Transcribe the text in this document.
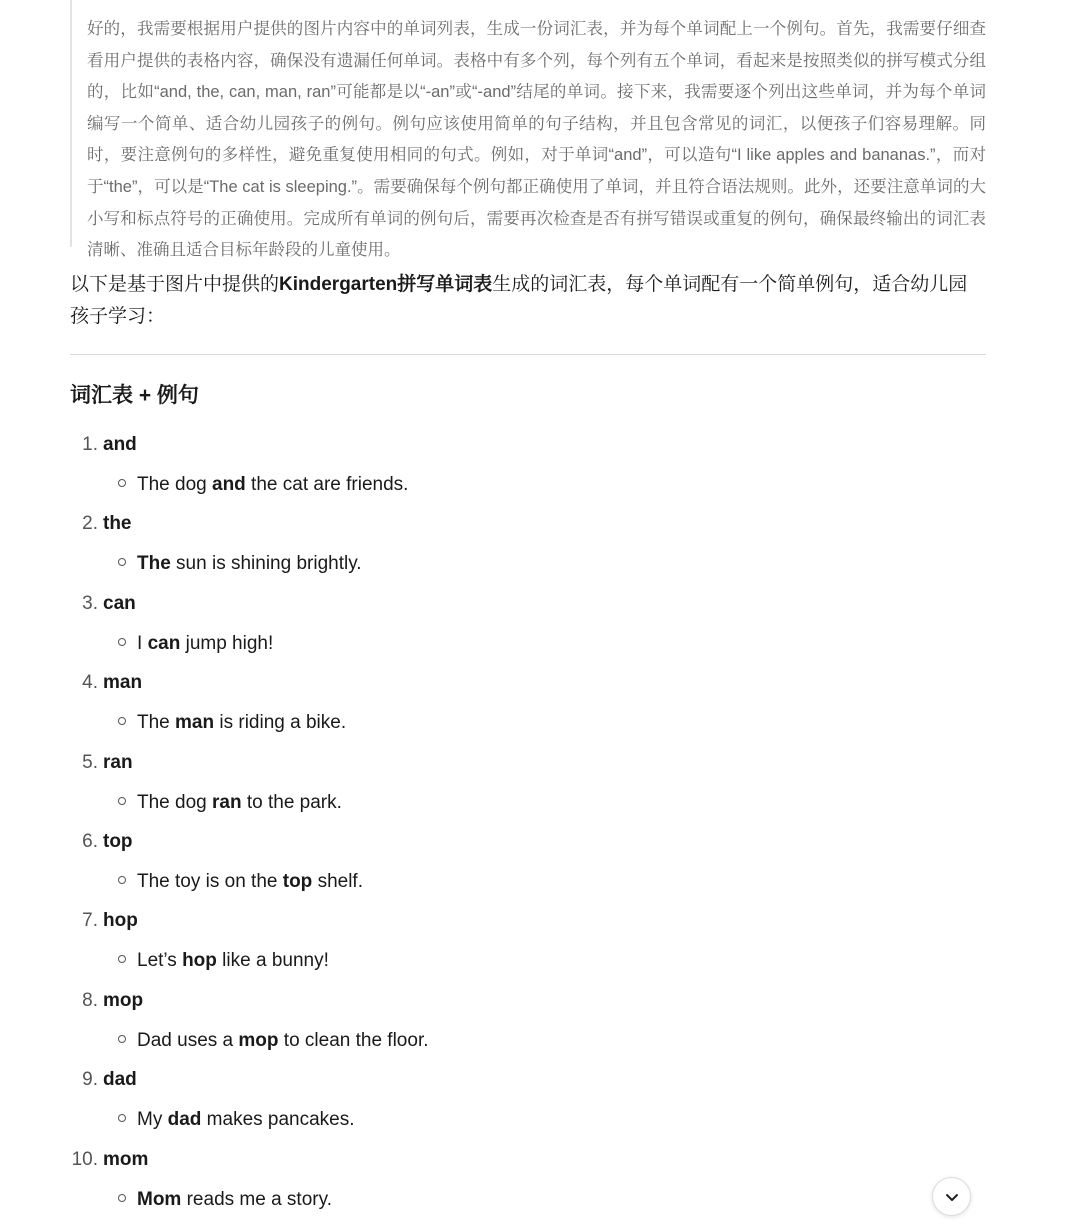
好的，我需要根据用户提供的图片内容中的单词列表，生成一份词汇表，并为每个单词配上一个例句。首先，我需要仔细查看用户提供的表格内容，确保没有遗漏任何单词。表格中有多个列，每个列有五个单词，看起来是按照类似的拼写模式分组的，比如“and, the, can, man, ran”可能都是以“-an”或“-and”结尾的单词。接下来，我需要逐个列出这些单词，并为每个单词编写一个简单、适合幼儿园孩子的例句。例句应该使用简单的句子结构，并且包含常见的词汇，以便孩子们容易理解。同时，要注意例句的多样性，避免重复使用相同的句式。例如，对于单词“and”，可以造句“I like apples and bananas.”，而对于“the”，可以是“The cat is sleeping.”。需要确保每个例句都正确使用了单词，并且符合语法规则。此外，还要注意单词的大小写和标点符号的正确使用。完成所有单词的例句后，需要再次检查是否有拼写错误或重复的例句，确保最终输出的词汇表清晰、准确且适合目标年龄段的儿童使用。
以下是基于图片中提供的Kindergarten拼写单词表生成的词汇表，每个单词配有一个简单例句，适合幼儿园孩子学习：
词汇表 + 例句
1. and
The dog and the cat are friends.
2. the
The sun is shining brightly.
3. can
I can jump high!
4. man
The man is riding a bike.
5. ran
The dog ran to the park.
6. top
The toy is on the top shelf.
7. hop
Let’s hop like a bunny!
8. mop
Dad uses a mop to clean the floor.
9. dad
My dad makes pancakes.
10. mom
Mom reads me a story.
